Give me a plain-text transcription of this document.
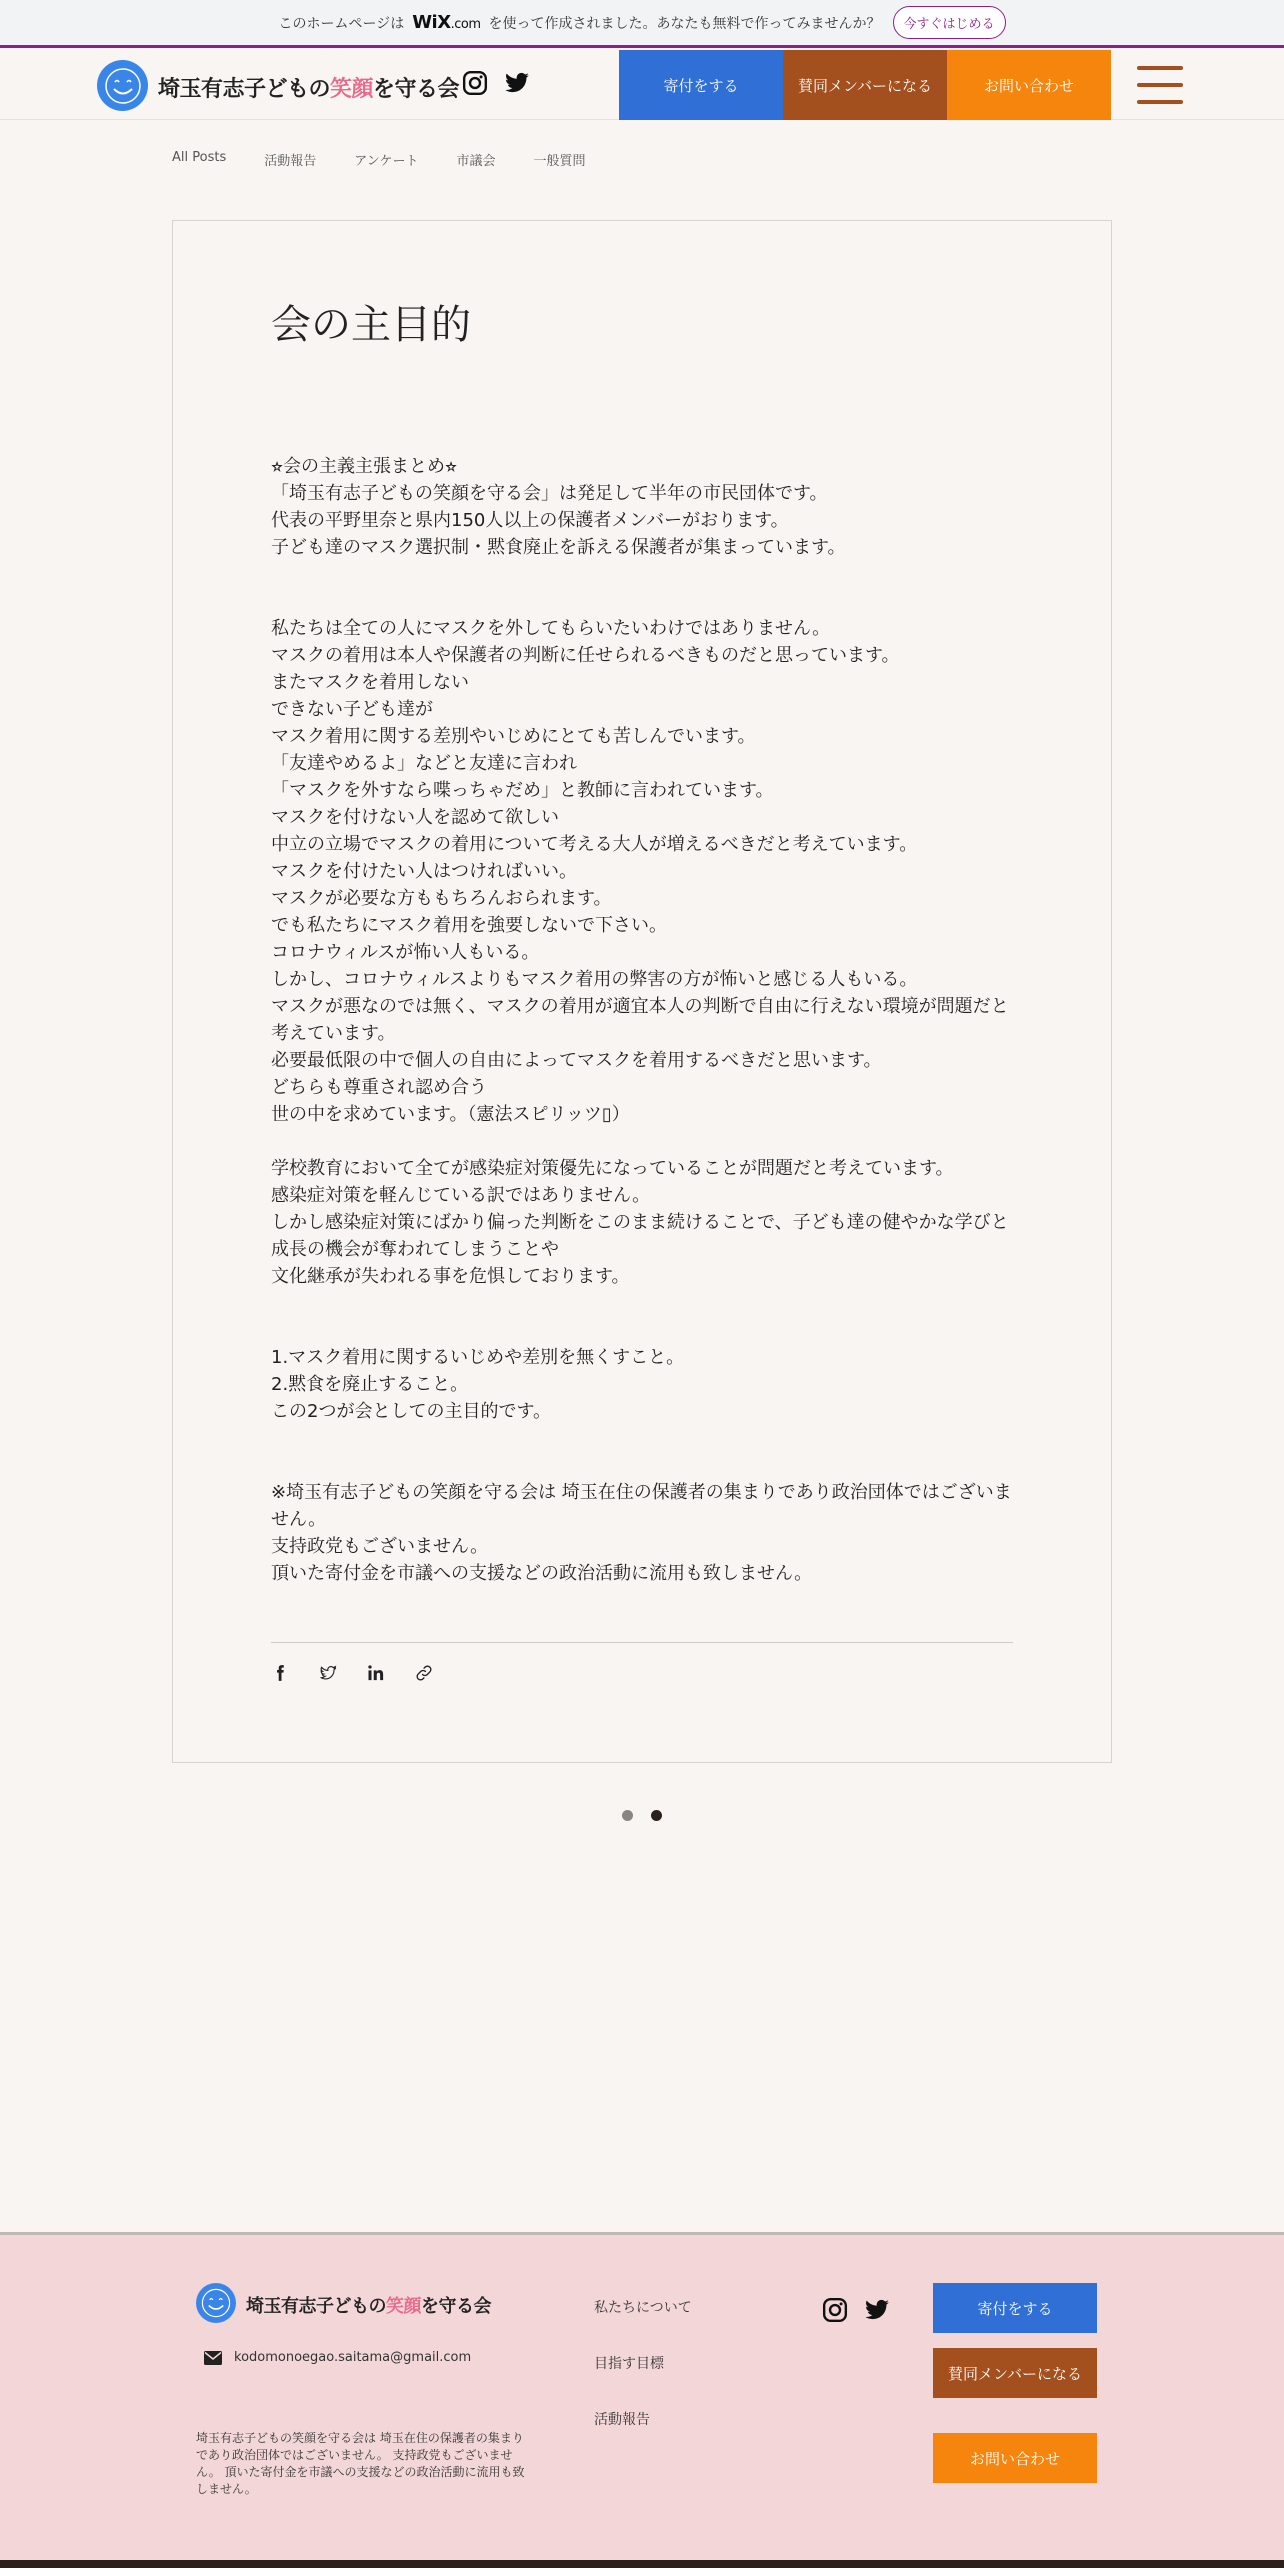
このホームページは WiX.com を使って作成されました。あなたも無料で作ってみませんか？	今すぐはじめる
埼玉有志子どもの笑顔を守る会	寄付をする	賛同メンバーになる	お問い合わせ
All Posts	活動報告	アンケート	市議会	一般質問
会の主目的

⭐︎会の主義主張まとめ⭐︎

「埼玉有志子どもの笑顔を守る会」は発足して半年の市民団体です。

代表の平野里奈と県内150人以上の保護者メンバーがおります。

子ども達のマスク選択制・黙食廃止を訴える保護者が集まっています。

私たちは全ての人にマスクを外してもらいたいわけではありません。

マスクの着用は本人や保護者の判断に任せられるべきものだと思っています。

またマスクを着用しない

できない子ども達が

マスク着用に関する差別やいじめにとても苦しんでいます。

「友達やめるよ」などと友達に言われ

「マスクを外すなら喋っちゃだめ」と教師に言われています。

マスクを付けない人を認めて欲しい

中立の立場でマスクの着用について考える大人が増えるべきだと考えています。

マスクを付けたい人はつければいい。

マスクが必要な方ももちろんおられます。

でも私たちにマスク着用を強要しないで下さい。

コロナウィルスが怖い人もいる。

しかし、コロナウィルスよりもマスク着用の弊害の方が怖いと感じる人もいる。

マスクが悪なのでは無く、マスクの着用が適宜本人の判断で自由に行えない環境が問題だと考えています。

必要最低限の中で個人の自由によってマスクを着用するべきだと思います。

どちらも尊重され認め合う

世の中を求めています。（憲法スピリッツ▯）

学校教育において全てが感染症対策優先になっていることが問題だと考えています。

感染症対策を軽んじている訳ではありません。

しかし感染症対策にばかり偏った判断をこのまま続けることで、子ども達の健やかな学びと成長の機会が奪われてしまうことや

文化継承が失われる事を危惧しております。

1.マスク着用に関するいじめや差別を無くすこと。

2.黙食を廃止すること。

この2つが会としての主目的です。

※埼玉有志子どもの笑顔を守る会は 埼玉在住の保護者の集まりであり政治団体ではございません。

支持政党もございません。

頂いた寄付金を市議への支援などの政治活動に流用も致しません。

埼玉有志子どもの笑顔を守る会
kodomonoegao.saitama@gmail.com
埼玉有志子どもの笑顔を守る会は 埼玉在住の保護者の集まりであり政治団体ではございません。 支持政党もございません。 頂いた寄付金を市議への支援などの政治活動に流用も致しません。
私たちについて
目指す目標
活動報告
寄付をする
賛同メンバーになる
お問い合わせ
